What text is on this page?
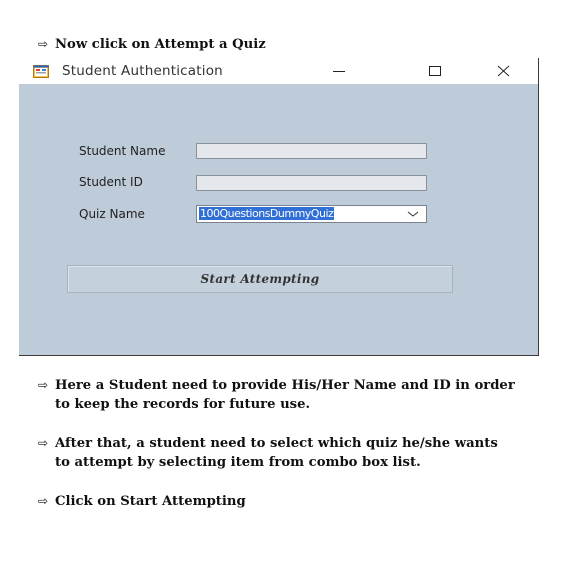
⇨ Now click on Attempt a Quiz
Student Authentication
Student Name
Student ID
Quiz Name	100QuestionsDummyQuiz
Start Attempting
⇨ Here a Student need to provide His/Her Name and ID in order
to keep the records for future use.
⇨ After that, a student need to select which quiz he/she wants
to attempt by selecting item from combo box list.
⇨ Click on Start Attempting
